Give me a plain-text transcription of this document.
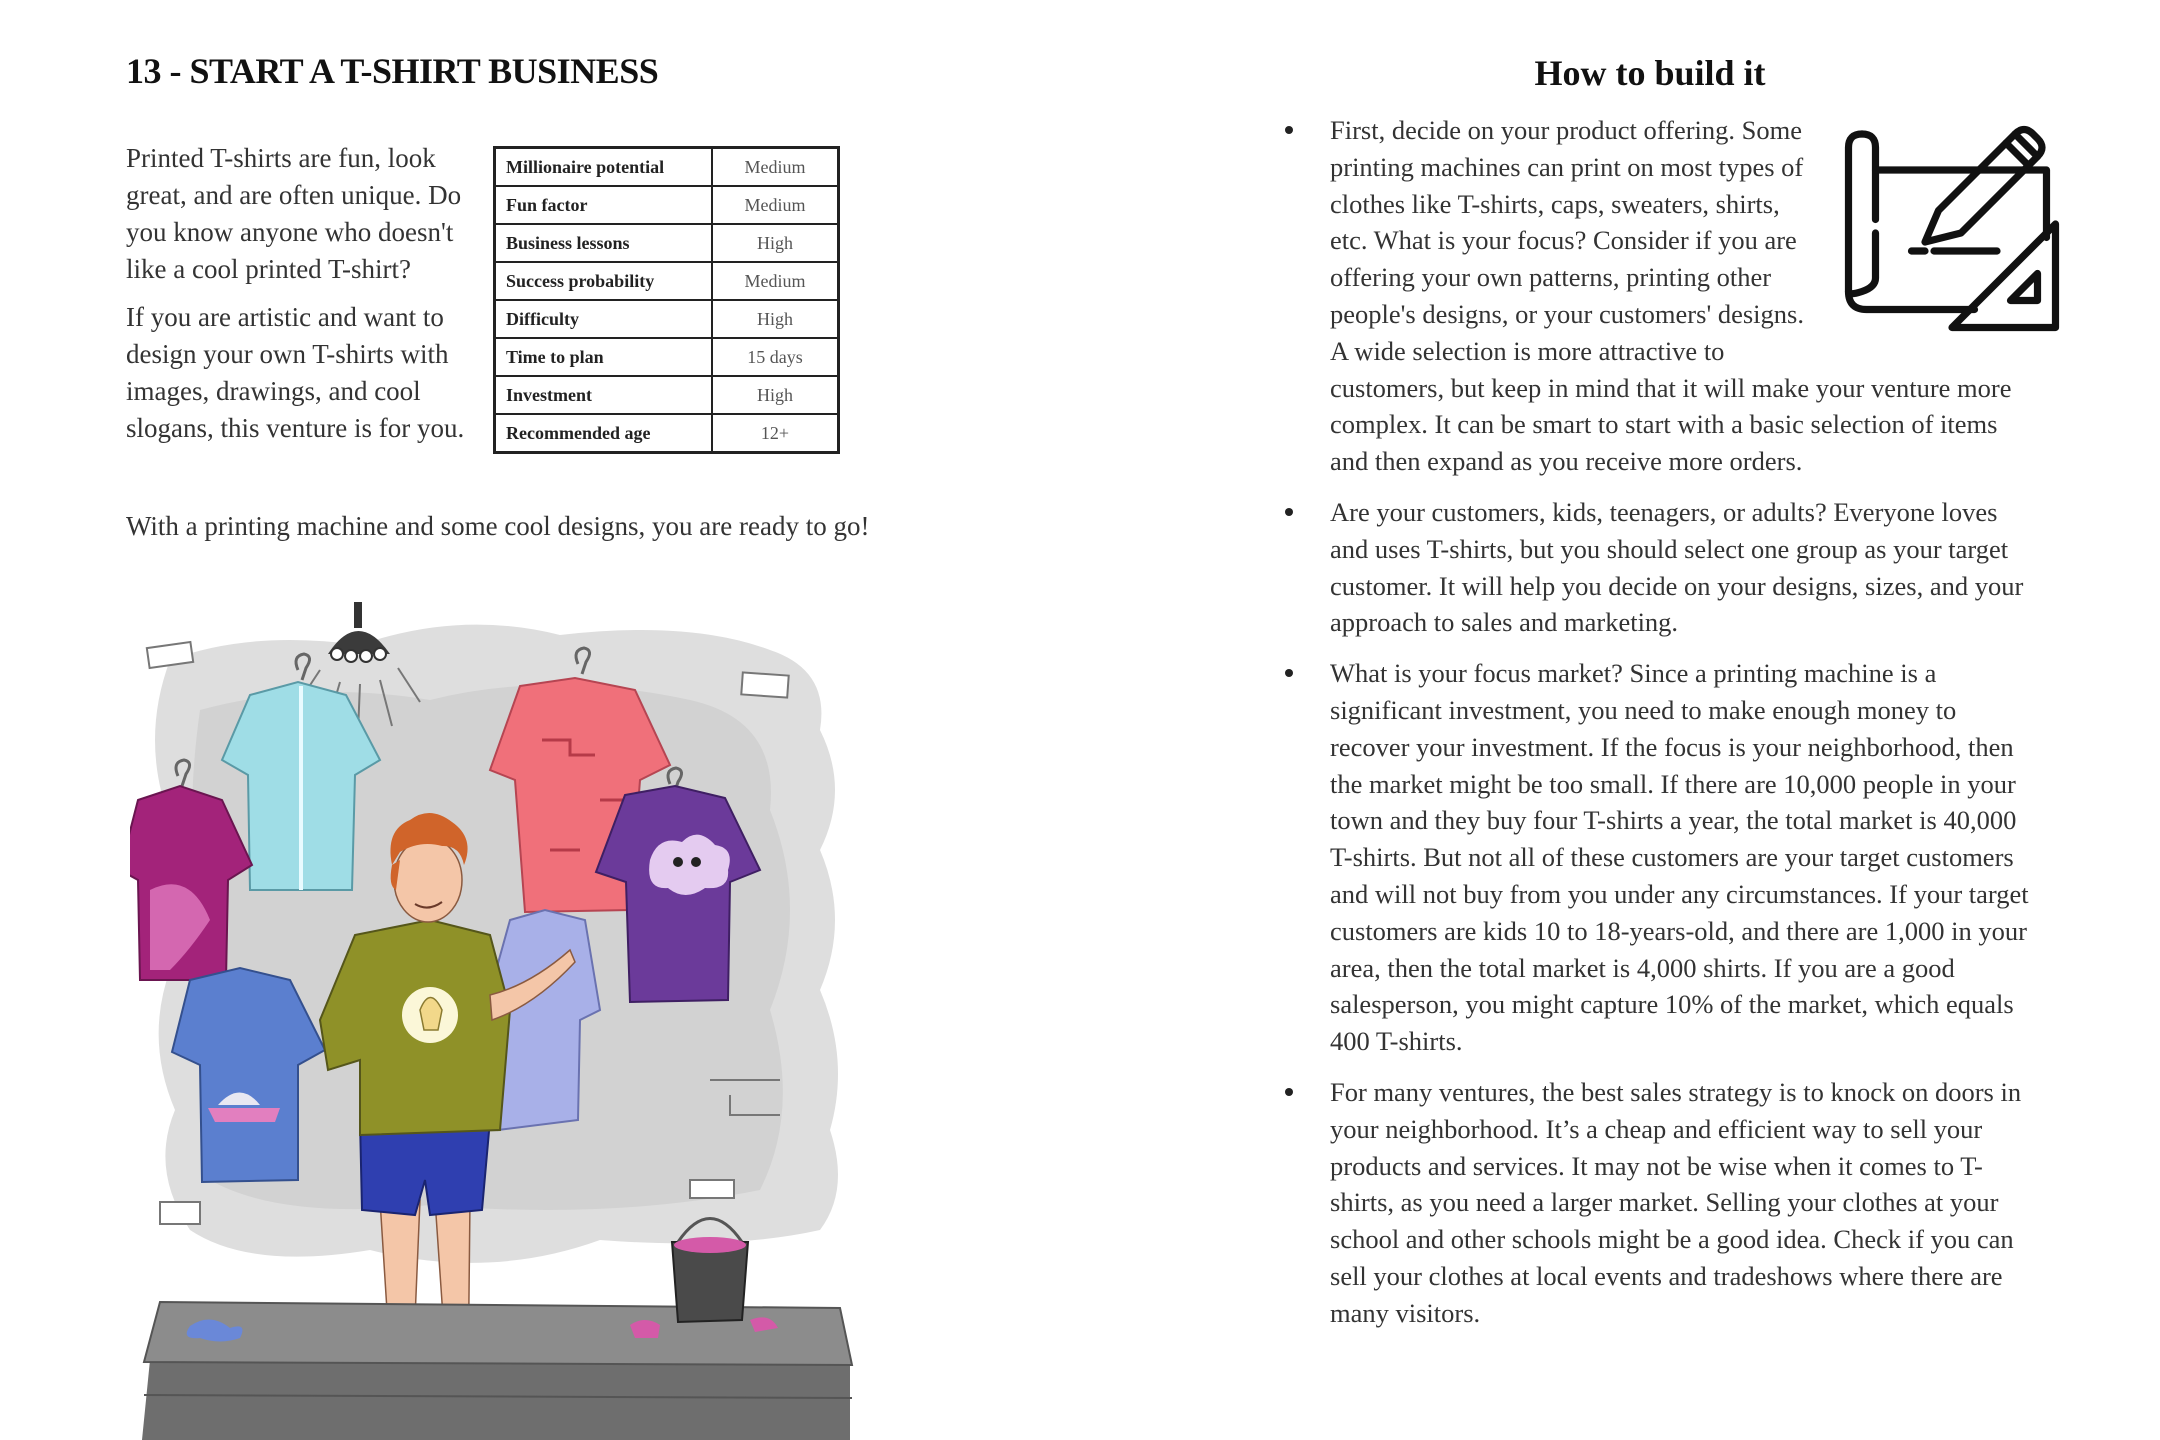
13 - START A T-SHIRT BUSINESS

Printed T-shirts are fun, look great, and are often unique. Do you know anyone who doesn't like a cool printed T-shirt?

If you are artistic and want to design your own T-shirts with images, drawings, and cool slogans, this venture is for you.

Millionaire potential	Medium
Fun factor	Medium
Business lessons	High
Success probability	Medium
Difficulty	High
Time to plan	15 days
Investment	High
Recommended age	12+

With a printing machine and some cool designs, you are ready to go!

How to build it
First, decide on your product offering. Some printing machines can print on most types of clothes like T-shirts, caps, sweaters, shirts, etc. What is your focus? Consider if you are offering your own patterns, printing other people's designs, or your customers' designs. A wide selection is more attractive to customers, but keep in mind that it will make your venture more complex. It can be smart to start with a basic selection of items and then expand as you receive more orders.
Are your customers, kids, teenagers, or adults? Everyone loves and uses T-shirts, but you should select one group as your target customer. It will help you decide on your designs, sizes, and your approach to sales and marketing.
What is your focus market? Since a printing machine is a significant investment, you need to make enough money to recover your investment. If the focus is your neighborhood, then the market might be too small. If there are 10,000 people in your town and they buy four T-shirts a year, the total market is 40,000 T-shirts. But not all of these customers are your target customers and will not buy from you under any circumstances. If your target customers are kids 10 to 18-years-old, and there are 1,000 in your area, then the total market is 4,000 shirts. If you are a good salesperson, you might capture 10% of the market, which equals 400 T-shirts.
For many ventures, the best sales strategy is to knock on doors in your neighborhood. It’s a cheap and efficient way to sell your products and services. It may not be wise when it comes to T-shirts, as you need a larger market. Selling your clothes at your school and other schools might be a good idea. Check if you can sell your clothes at local events and tradeshows where there are many visitors.
